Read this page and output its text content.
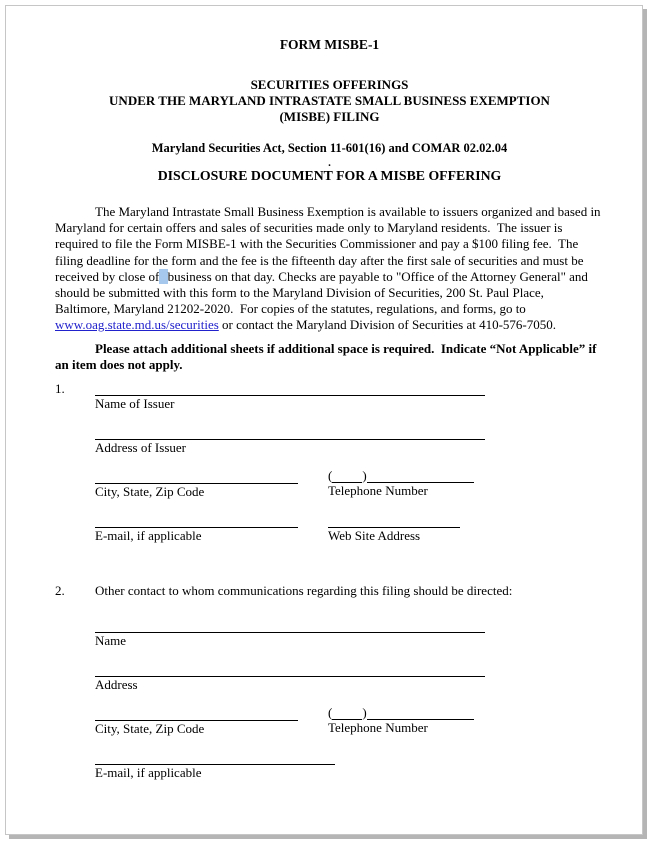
FORM MISBE-1
SECURITIES OFFERINGS
UNDER THE MARYLAND INTRASTATE SMALL BUSINESS EXEMPTION
(MISBE) FILING
Maryland Securities Act, Section 11-601(16) and COMAR 02.02.04
.
DISCLOSURE DOCUMENT FOR A MISBE OFFERING
The Maryland Intrastate Small Business Exemption is available to issuers organized and based in
Maryland for certain offers and sales of securities made only to Maryland residents.  The issuer is
required to file the Form MISBE-1 with the Securities Commissioner and pay a $100 filing fee.  The
filing deadline for the form and the fee is the fifteenth day after the first sale of securities and must be
received by close of business on that day. Checks are payable to "Office of the Attorney General" and
should be submitted with this form to the Maryland Division of Securities, 200 St. Paul Place,
Baltimore, Maryland 21202-2020.  For copies of the statutes, regulations, and forms, go to
www.oag.state.md.us/securities or contact the Maryland Division of Securities at 410-576-7050.
Please attach additional sheets if additional space is required.  Indicate “Not Applicable” if
an item does not apply.
1.
Name of Issuer
Address of Issuer
City, State, Zip Code
( )
Telephone Number
E-mail, if applicable	Web Site Address
2.	Other contact to whom communications regarding this filing should be directed:
Name
Address
City, State, Zip Code
( )
Telephone Number
E-mail, if applicable
